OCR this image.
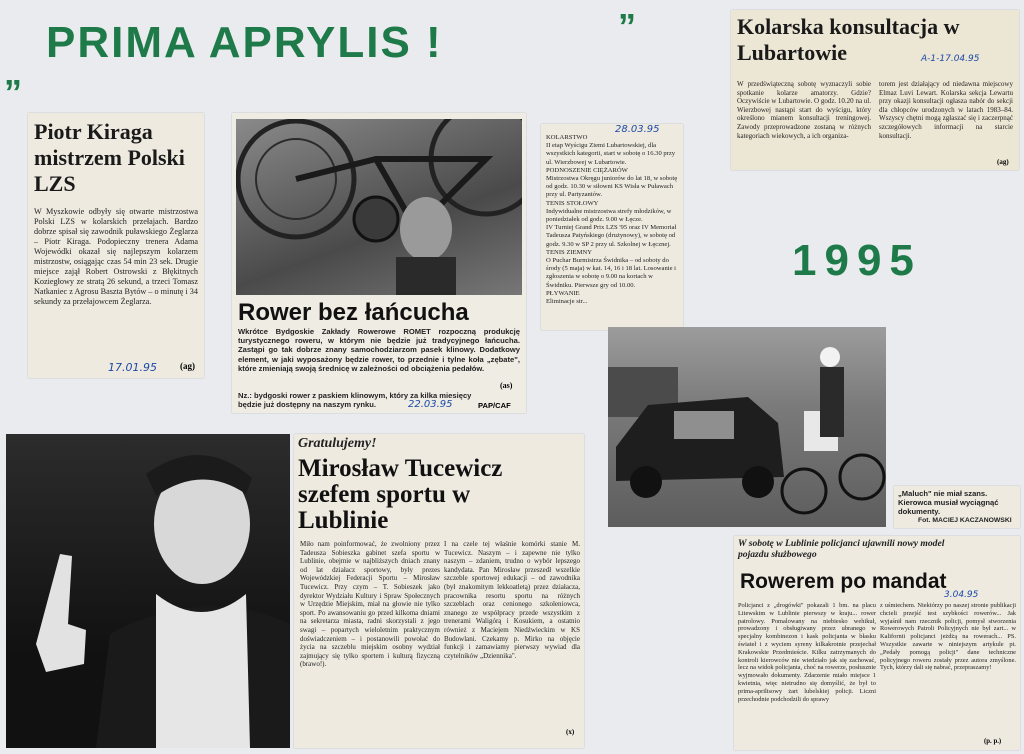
”
PRIMA APRYLIS !	”
1995
Piotr Kiraga mistrzem Polski LZS
W Myszkowie odbyły się otwarte mistrzostwa Polski LZS w kolarskich przełajach. Bardzo dobrze spisał się zawodnik puławskiego Żeglarza – Piotr Kiraga. Podopieczny trenera Adama Wojewódki okazał się najlepszym kolarzem mistrzostw, osiągając czas 54 min 23 sek. Drugie miejsce zajął Robert Ostrowski z Błękitnych Koziegłowy ze stratą 26 sekund, a trzeci Tomasz Natkaniec z Agrosu Baszta Bytów – o minutę i 34 sekundy za przełajowcem Żeglarza.
17.01.95	(ag)
Rower bez łańcucha
Wkrótce Bydgoskie Zakłady Rowerowe ROMET rozpoczną produkcję turystycznego roweru, w którym nie będzie już tradycyjnego łańcucha. Zastąpi go tak dobrze znany samochodziarzom pasek klinowy. Dodatkowy element, w jaki wyposażony będzie rower, to przednie i tylne koła „zębate", które zmieniają swoją średnicę w zależności od obciążenia pedałów.
(as)
Nz.: bydgoski rower z paskiem klinowym, który za kilka miesięcy będzie już dostępny na naszym rynku.	22.03.95	PAP/CAF
28.03.95
KOLARSTWO
II etap Wyścigu Ziemi Lubartowskiej, dla wszystkich kategorii, start w sobotę o 16.30 przy ul. Wierzbowej w Lubartowie.
PODNOSZENIE CIĘŻARÓW
Mistrzostwa Okręgu juniorów do lat 18, w sobotę od godz. 10.30 w siłowni KS Wisła w Puławach przy ul. Partyzantów.
TENIS STOŁOWY
Indywidualne mistrzostwa strefy młodzików, w poniedziałek od godz. 9.00 w Łęcze.
IV Turniej Grand Prix LZS '95 oraz IV Memoriał Tadeusza Patyńskiego (drużynowy), w sobotę od godz. 9.30 w SP 2 przy ul. Szkolnej w Łęcznej.
TENIS ZIEMNY
O Puchar Burmistrza Świdnika – od soboty do środy (5 maja) w kat. 14, 16 i 18 lat. Losowanie i zgłoszenia w sobotę o 9.00 na kortach w Świdniku. Pierwsze gry od 10.00.
PŁYWANIE
Eliminacje str...
Kolarska konsultacja w Lubartowie	A-1-17.04.95
W przedświąteczną sobotę wyznaczyli sobie spotkanie kolarze amatorzy. Gdzie? Oczywiście w Lubartowie. O godz. 10.20 na ul. Wierzbowej nastąpi start do wyścigu, który określono mianem konsultacji treningowej. Zawody przeprowadzone zostaną w różnych kategoriach wiekowych, a ich organiza-
torem jest działający od niedawna miejscowy Elmaz Luvi Lewart. Kolarska sekcja Lewartu przy okazji konsultacji ogłasza nabór do sekcji dla chłopców urodzonych w latach 1983–84. Wszyscy chętni mogą zgłaszać się i zaczerpnąć szczegółowych informacji na starcie konsultacji.
(ag)
„Maluch" nie miał szans. Kierowca musiał wyciągnąć dokumenty.
Fot. MACIEJ KACZANOWSKI
W sobotę w Lublinie policjanci ujawnili nowy model pojazdu służbowego
Rowerem po mandat
3.04.95
Policjanci z „drogówki" pokazali 1 bm. na placu Litewskim w Lublinie pierwszy w kraju... rower patrolowy. Pomalowany na niebiesko wehikuł, prowadzony i obsługiwany przez ubranego w specjalny kombinezon i kask policjanta w błasku świateł i z wyciem syreny kilkakrotnie przejechał Krakowskie Przedmieście. Kilku zatrzymanych do kontroli kierowców nie wiedziało jak się zachować, lecz na widok policjanta, choć na rowerze, posłusznie wyjmowało dokumenty. Zdarzenie miało miejsce 1 kwietnia, więc nietrudno się domyślić, że był to prima-aprilisowy żart lubelskiej policji. Liczni przechodnie podchodzili do sprawy
z uśmiechem. Niektórzy po naszej stronie publikacji chcieli przejść test szybkości rowerów... Jak wyjaśnił nam rzecznik policji, pomysł stworzenia Rowerowych Patroli Policyjnych nie był zart... w Kalifornii policjanci jeżdżą na rowerach... PS. Wszystkie zawarte w niniejszym artykule pt. „Pedały pomogą policji" dane techniczne policyjnego roweru zostały przez autora zmyślone. Tych, którzy dali się nabrać, przepraszamy!
(p. p.)
Gratulujemy!
Mirosław Tucewicz szefem sportu w Lublinie
Miło nam poinformować, że zwolniony przez Tadeusza Sobieszka gabinet szefa sportu w Lublinie, obejmie w najbliższych dniach znany od lat działacz sportowy, były prezes Wojewódzkiej Federacji Sportu – Mirosław Tucewicz. Przy czym – T. Sobieszek jako dyrektor Wydziału Kultury i Spraw Społecznych w Urzędzie Miejskim, miał na głowie nie tylko sport. Po awansowaniu go przed kilkoma dniami na sekretarza miasta, radni skorzystali z jego swagi – popartych wieloletnim praktycznym doświadczeniem – i postanowili powołać do życia na szczeblu miejskim osobny wydział zajmujący się tylko sportem i kulturą fizyczną (brawo!).
I na czele tej właśnie komórki stanie M. Tucewicz. Naszym – i zapewne nie tylko naszym – zdaniem, trudno o wybór lepszego kandydata. Pan Mirosław przeszedł wszelkie szczeble sportowej edukacji – od zawodnika (był znakomitym lekkoatletą) przez działacza, pracownika resortu sportu na różnych szczeblach oraz cenionego szkoleniowca, znanego ze współpracy przede wszystkim z trenerami Waligórą i Kosukiem, a ostatnio również z Maciejem Niedźwieckim w KS Budowlani. Czekamy p. Mirko na objęcie funkcji i zamawiamy pierwszy wywiad dla czytelników „Dziennika".
(x)
